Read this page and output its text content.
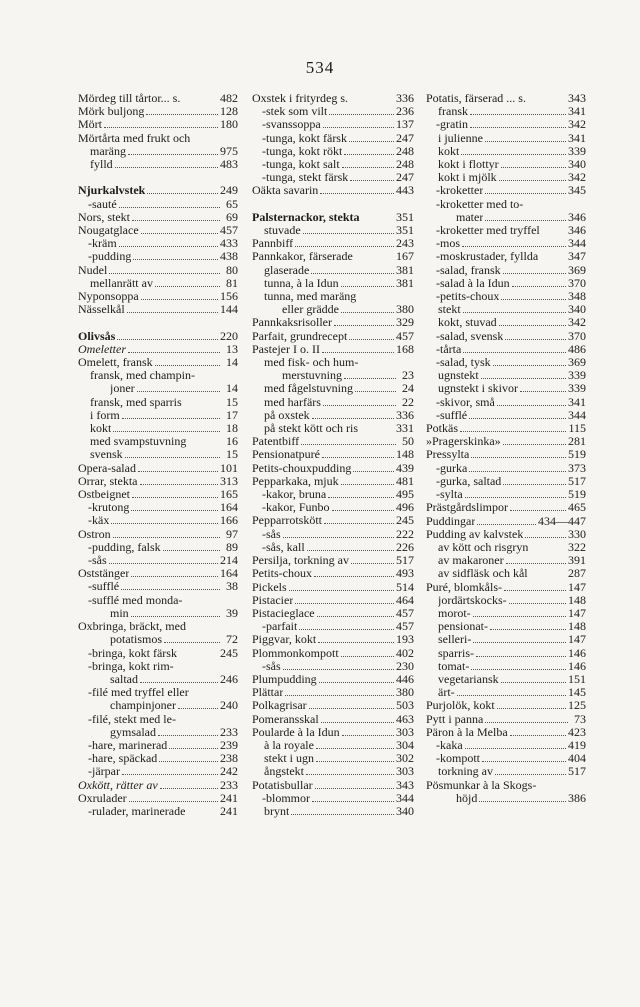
534
Mördeg till tårtor... s.	482
Mörk buljong	128
Mört	180
Mörtårta med frukt och
maräng	975
fylld	483
Njurkalvstek	249
-sauté	65
Nors, stekt	69
Nougatglace	457
-kräm	433
-pudding	438
Nudel	80
mellanrätt av	81
Nyponsoppa	156
Nässelkål	144
Olivsås	220
Omeletter	13
Omelett, fransk	14
fransk, med champin-
joner	14
fransk, med sparris	15
i form	17
kokt	18
med svampstuvning	16
svensk	15
Opera-salad	101
Orrar, stekta	313
Ostbeignet	165
-krutong	164
-käx	166
Ostron	97
-pudding, falsk	89
-sås	214
Oststänger	164
-sufflé	38
-sufflé med monda-
min	39
Oxbringa, bräckt, med
potatismos	72
-bringa, kokt färsk	245
-bringa, kokt rim-
saltad	246
-filé med tryffel eller
champinjoner	240
-filé, stekt med le-
gymsalad	233
-hare, marinerad	239
-hare, späckad	238
-järpar	242
Oxkött, rätter av	233
Oxrulader	241
-rulader, marinerade	241
Oxstek i frityrdeg s.	336
-stek som vilt	236
-svanssoppa	137
-tunga, kokt färsk	247
-tunga, kokt rökt	248
-tunga, kokt salt	248
-tunga, stekt färsk	247
Oäkta savarin	443
Palsternackor, stekta	351
stuvade	351
Pannbiff	243
Pannkakor, färserade	167
glaserade	381
tunna, à la Idun	381
tunna, med maräng
eller grädde	380
Pannkaksrisoller	329
Parfait, grundrecept	457
Pastejer I o. II	168
med fisk- och hum-
merstuvning	23
med fågelstuvning	24
med harfärs	22
på oxstek	336
på stekt kött och ris	331
Patentbiff	50
Pensionatpuré	148
Petits-chouxpudding	439
Pepparkaka, mjuk	481
-kakor, bruna	495
-kakor, Funbo	496
Pepparrotskött	245
-sås	222
-sås, kall	226
Persilja, torkning av	517
Petits-choux	493
Pickels	514
Pistacier	464
Pistacieglace	457
-parfait	457
Piggvar, kokt	193
Plommonkompott	402
-sås	230
Plumpudding	446
Plättar	380
Polkagrisar	503
Pomeransskal	463
Poularde à la Idun	303
à la royale	304
stekt i ugn	302
ångstekt	303
Potatisbullar	343
-blommor	344
brynt	340
Potatis, färserad ... s.	343
fransk	341
-gratin	342
i julienne	341
kokt	339
kokt i flottyr	340
kokt i mjölk	342
-kroketter	345
-kroketter med to-
mater	346
-kroketter med tryffel 346
-mos	344
-moskrustader, fyllda 347
-salad, fransk	369
-salad à la Idun	370
-petits-choux	348
stekt	340
kokt, stuvad	342
-salad, svensk	370
-tårta	486
-salad, tysk	369
ugnstekt	339
ugnstekt i skivor	339
-skivor, små	341
-sufflé	344
Potkäs	115
»Pragerskinka»	281
Pressylta	519
-gurka	373
-gurka, saltad	517
-sylta	519
Prästgårdslimpor	465
Puddingar	434—447
Pudding av kalvstek	330
av kött och risgryn	322
av makaroner	391
av sidfläsk och kål	287
Puré, blomkåls-	147
jordärtskocks-	148
morot-	147
pensionat-	148
selleri-	147
sparris-	146
tomat-	146
vegetariansk	151
ärt-	145
Purjolök, kokt	125
Pytt i panna	73
Päron à la Melba	423
-kaka	419
-kompott	404
torkning av	517
Pösmunkar à la Skogs-
höjd	386
